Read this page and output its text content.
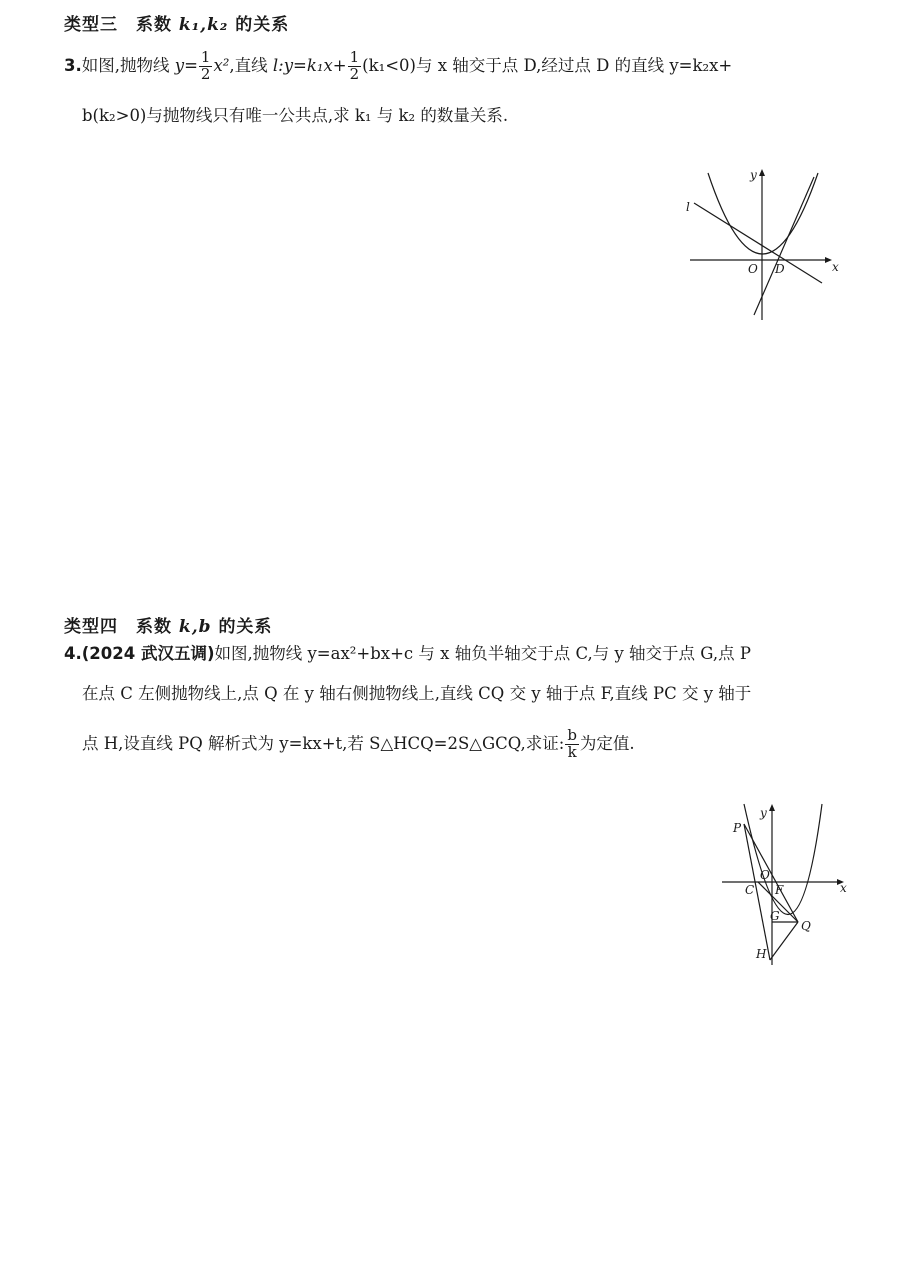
类型三　系数 k₁,k₂ 的关系
3.如图,抛物线 $y= \frac{1}{2} x^2$,直线 l:y=k₁x+ $\frac{1}{2} (k_1<0)$与 x 轴交于点 D,经过点 D 的直线 y=k₂x+
b(k₂>0)与抛物线只有唯一公共点,求 k₁ 与 k₂ 的数量关系.
l
y
x
O D
类型四　系数 k,b 的关系
4.(2024 武汉五调)如图,抛物线 y=ax²+bx+c 与 x 轴负半轴交于点 C,与 y 轴交于点 G,点 P
在点 C 左侧抛物线上,点 Q 在 y 轴右侧抛物线上,直线 CQ 交 y 轴于点 F,直线 PC 交 y 轴于
点 H,设直线 PQ 解析式为 y=kx+t,若 S△HCQ=2S△GCQ,求证: $\frac{b}{k}$ 为定值.
P
y
x
O
C F
G
Q
H
